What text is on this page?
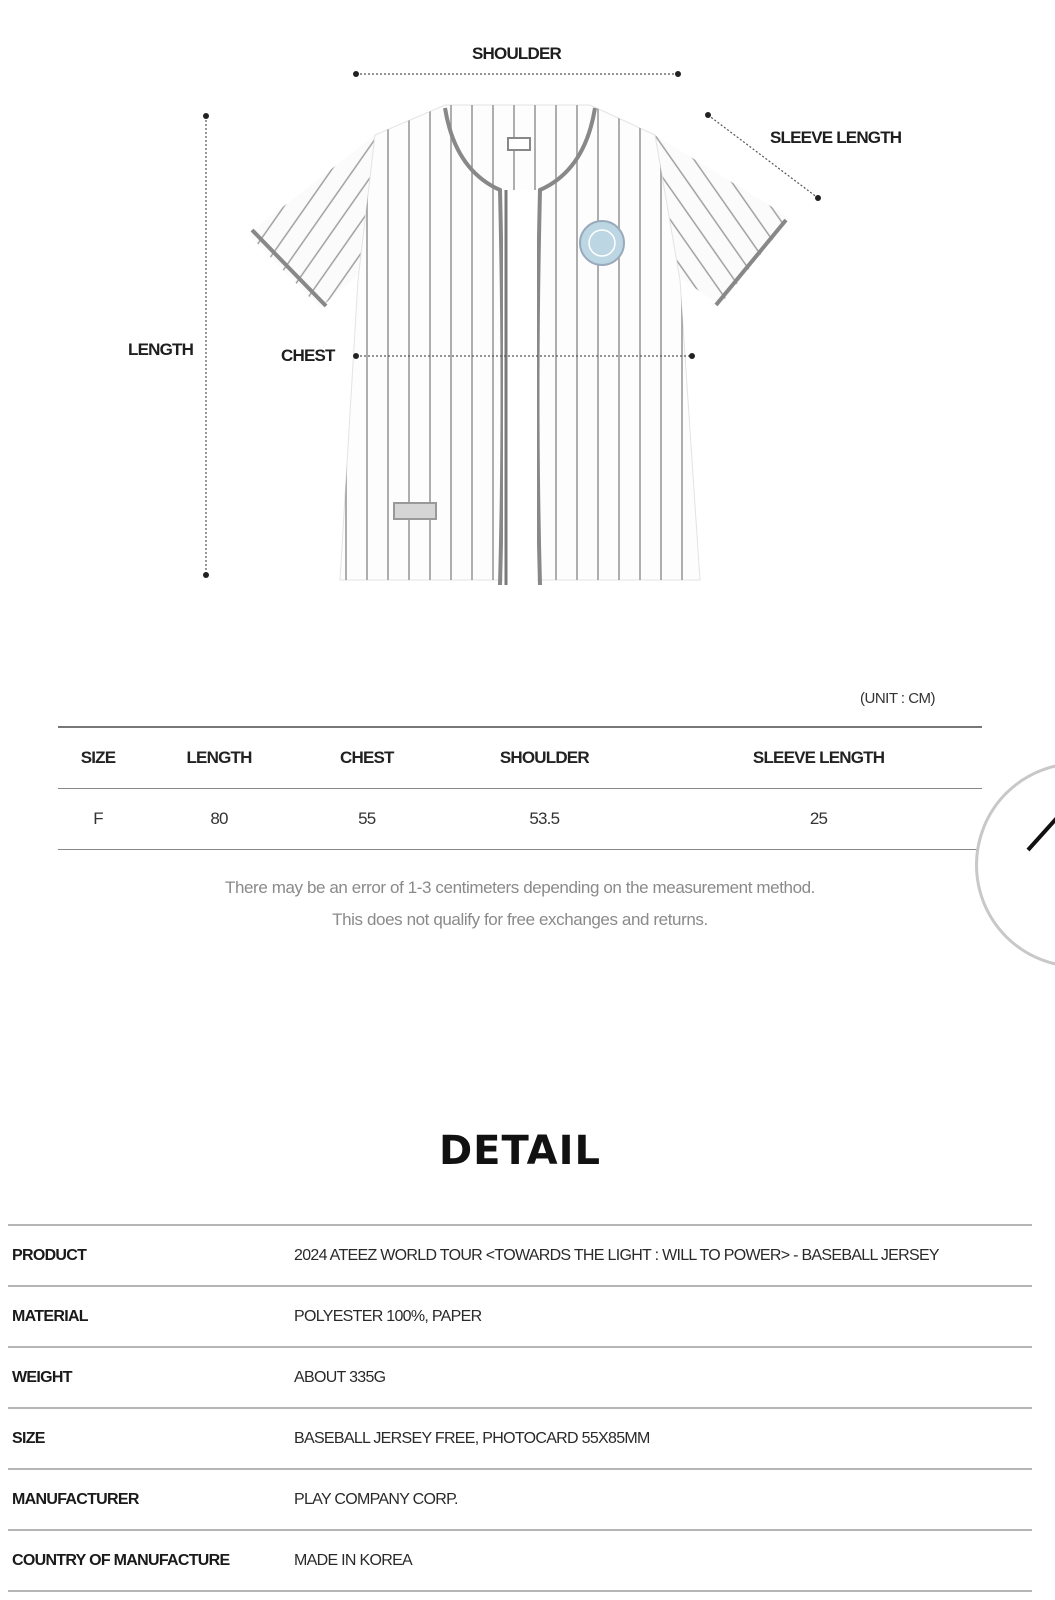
SHOULDER
SLEEVE LENGTH
LENGTH	CHEST
(UNIT : CM)
SIZE	LENGTH	CHEST	SHOULDER	SLEEVE LENGTH
F	80	55	53.5	25
There may be an error of 1-3 centimeters depending on the measurement method.
This does not qualify for free exchanges and returns.
DETAIL
PRODUCT	2024 ATEEZ WORLD TOUR <TOWARDS THE LIGHT : WILL TO POWER> - BASEBALL JERSEY
MATERIAL	POLYESTER 100%, PAPER
WEIGHT	ABOUT 335G
SIZE	BASEBALL JERSEY FREE, PHOTOCARD 55X85MM
MANUFACTURER	PLAY COMPANY CORP.
COUNTRY OF MANUFACTURE	MADE IN KOREA
